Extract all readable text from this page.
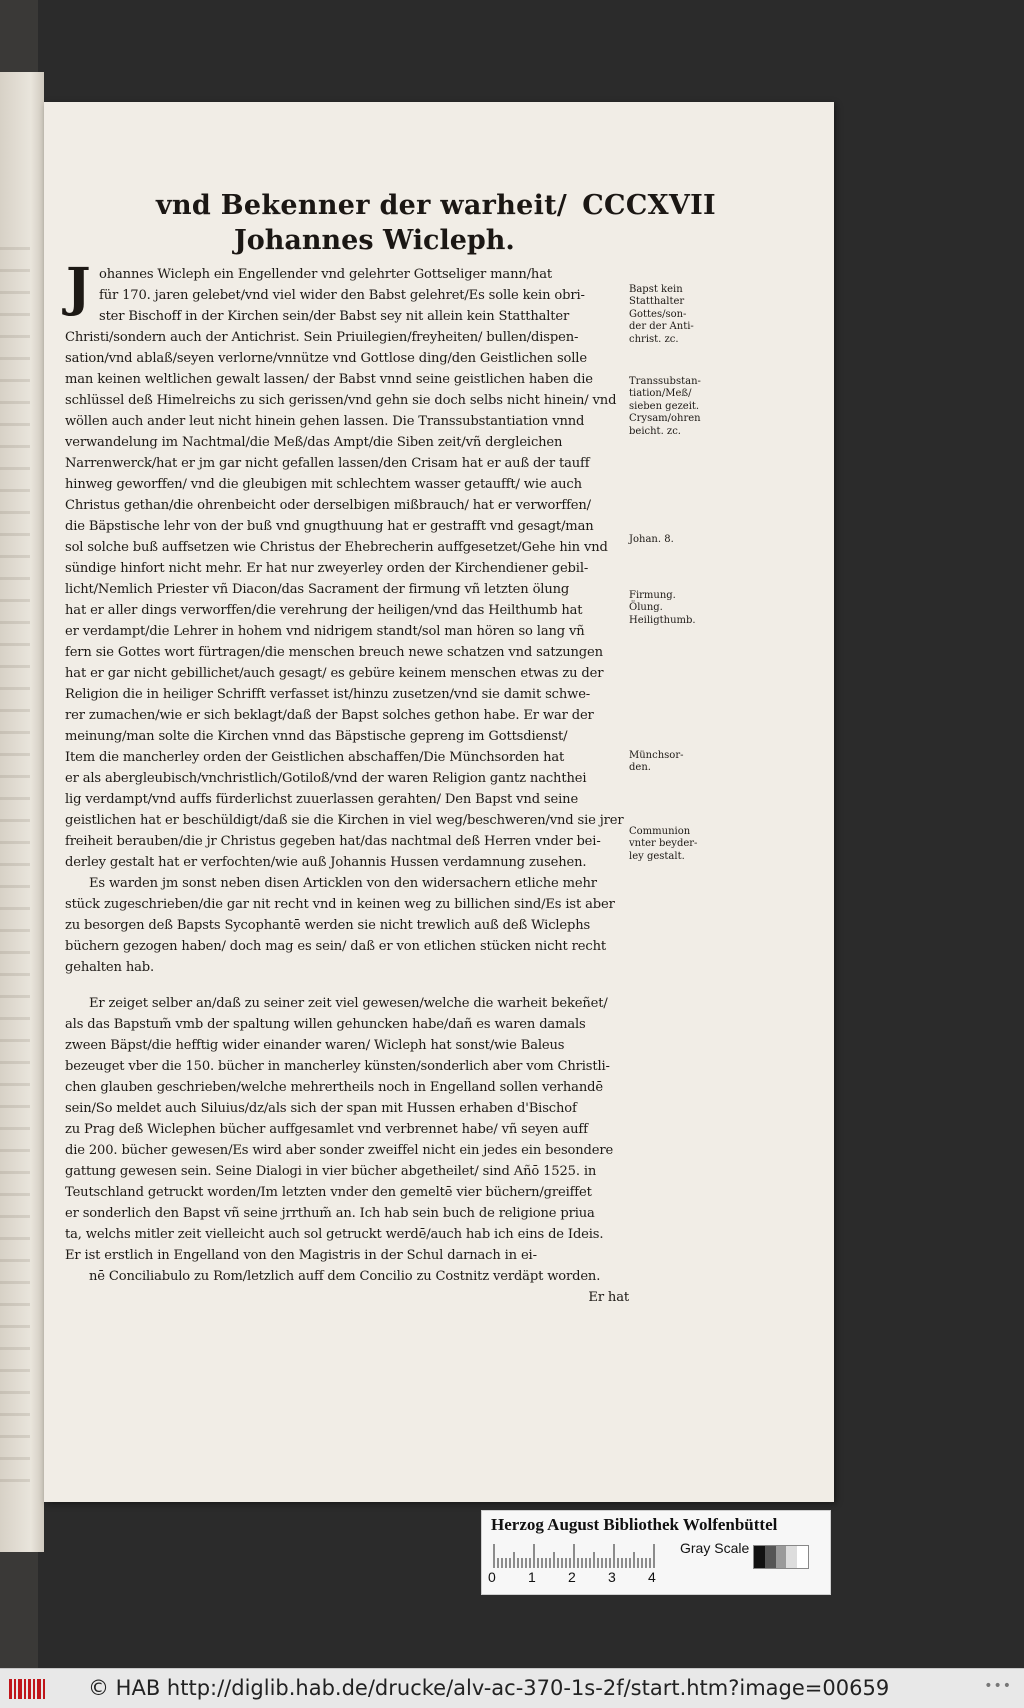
vnd Bekenner der warheit/ CCCXVII
Johannes Wicleph.
J ohannes Wicleph ein Engellender vnd gelehrter Gottseliger mann/hat
für 170. jaren gelebet/vnd viel wider den Babst gelehret/Es solle kein obri-
ster Bischoff in der Kirchen sein/der Babst sey nit allein kein Statthalter
Christi/sondern auch der Antichrist. Sein Priuilegien/freyheiten/ bullen/dispen-
sation/vnd ablaß/seyen verlorne/vnnütze vnd Gottlose ding/den Geistlichen solle
man keinen weltlichen gewalt lassen/ der Babst vnnd seine geistlichen haben die
schlüssel deß Himelreichs zu sich gerissen/vnd gehn sie doch selbs nicht hinein/ vnd
wöllen auch ander leut nicht hinein gehen lassen. Die Transsubstantiation vnnd
verwandelung im Nachtmal/die Meß/das Ampt/die Siben zeit/vñ dergleichen
Narrenwerck/hat er jm gar nicht gefallen lassen/den Crisam hat er auß der tauff
hinweg geworffen/ vnd die gleubigen mit schlechtem wasser getaufft/ wie auch
Christus gethan/die ohrenbeicht oder derselbigen mißbrauch/ hat er verworffen/
die Bäpstische lehr von der buß vnd gnugthuung hat er gestrafft vnd gesagt/man
sol solche buß auffsetzen wie Christus der Ehebrecherin auffgesetzet/Gehe hin vnd
sündige hinfort nicht mehr. Er hat nur zweyerley orden der Kirchendiener gebil-
licht/Nemlich Priester vñ Diacon/das Sacrament der firmung vñ letzten ölung
hat er aller dings verworffen/die verehrung der heiligen/vnd das Heilthumb hat
er verdampt/die Lehrer in hohem vnd nidrigem standt/sol man hören so lang vñ
fern sie Gottes wort fürtragen/die menschen breuch newe schatzen vnd satzungen
hat er gar nicht gebillichet/auch gesagt/ es gebüre keinem menschen etwas zu der
Religion die in heiliger Schrifft verfasset ist/hinzu zusetzen/vnd sie damit schwe-
rer zumachen/wie er sich beklagt/daß der Bapst solches gethon habe. Er war der
meinung/man solte die Kirchen vnnd das Bäpstische gepreng im Gottsdienst/
Item die mancherley orden der Geistlichen abschaffen/Die Münchsorden hat
er als abergleubisch/vnchristlich/Gotiloß/vnd der waren Religion gantz nachthei
lig verdampt/vnd auffs fürderlichst zuuerlassen gerahten/ Den Bapst vnd seine
geistlichen hat er beschüldigt/daß sie die Kirchen in viel weg/beschweren/vnd sie jrer
freiheit berauben/die jr Christus gegeben hat/das nachtmal deß Herren vnder bei-
derley gestalt hat er verfochten/wie auß Johannis Hussen verdamnung zusehen.
Es warden jm sonst neben disen Articklen von den widersachern etliche mehr
stück zugeschrieben/die gar nit recht vnd in keinen weg zu billichen sind/Es ist aber
zu besorgen deß Bapsts Sycophantē werden sie nicht trewlich auß deß Wiclephs
büchern gezogen haben/ doch mag es sein/ daß er von etlichen stücken nicht recht
gehalten hab.
Er zeiget selber an/daß zu seiner zeit viel gewesen/welche die warheit bekeñet/
als das Bapstum̃ vmb der spaltung willen gehuncken habe/dañ es waren damals
zween Bäpst/die hefftig wider einander waren/ Wicleph hat sonst/wie Baleus
bezeuget vber die 150. bücher in mancherley künsten/sonderlich aber vom Christli-
chen glauben geschrieben/welche mehrertheils noch in Engelland sollen verhandē
sein/So meldet auch Siluius/dz/als sich der span mit Hussen erhaben d'Bischof
zu Prag deß Wiclephen bücher auffgesamlet vnd verbrennet habe/ vñ seyen auff
die 200. bücher gewesen/Es wird aber sonder zweiffel nicht ein jedes ein besondere
gattung gewesen sein. Seine Dialogi in vier bücher abgetheilet/ sind Añō 1525. in
Teutschland getruckt worden/Im letzten vnder den gemeltē vier büchern/greiffet
er sonderlich den Bapst vñ seine jrrthum̃ an. Ich hab sein buch de religione priua
ta, welchs mitler zeit vielleicht auch sol getruckt werdē/auch hab ich eins de Ideis.
Er ist erstlich in Engelland von den Magistris in der Schul darnach in ei-
nē Conciliabulo zu Rom/letzlich auff dem Concilio zu Costnitz verdäpt worden.
Er hat
Bapst kein
Statthalter
Gottes/son-
der der Anti-
christ. zc.
Transsubstan-
tiation/Meß/
sieben gezeit.
Crysam/ohren
beicht. zc.
Johan. 8.
Firmung.
Ölung.
Heiligthumb.
Münchsor-
den.
Communion
vnter beyder-
ley gestalt.
Herzog August Bibliothek Wolfenbüttel
0 1 2 3 4
Gray Scale
© HAB http://diglib.hab.de/drucke/alv-ac-370-1s-2f/start.htm?image=00659	•••
